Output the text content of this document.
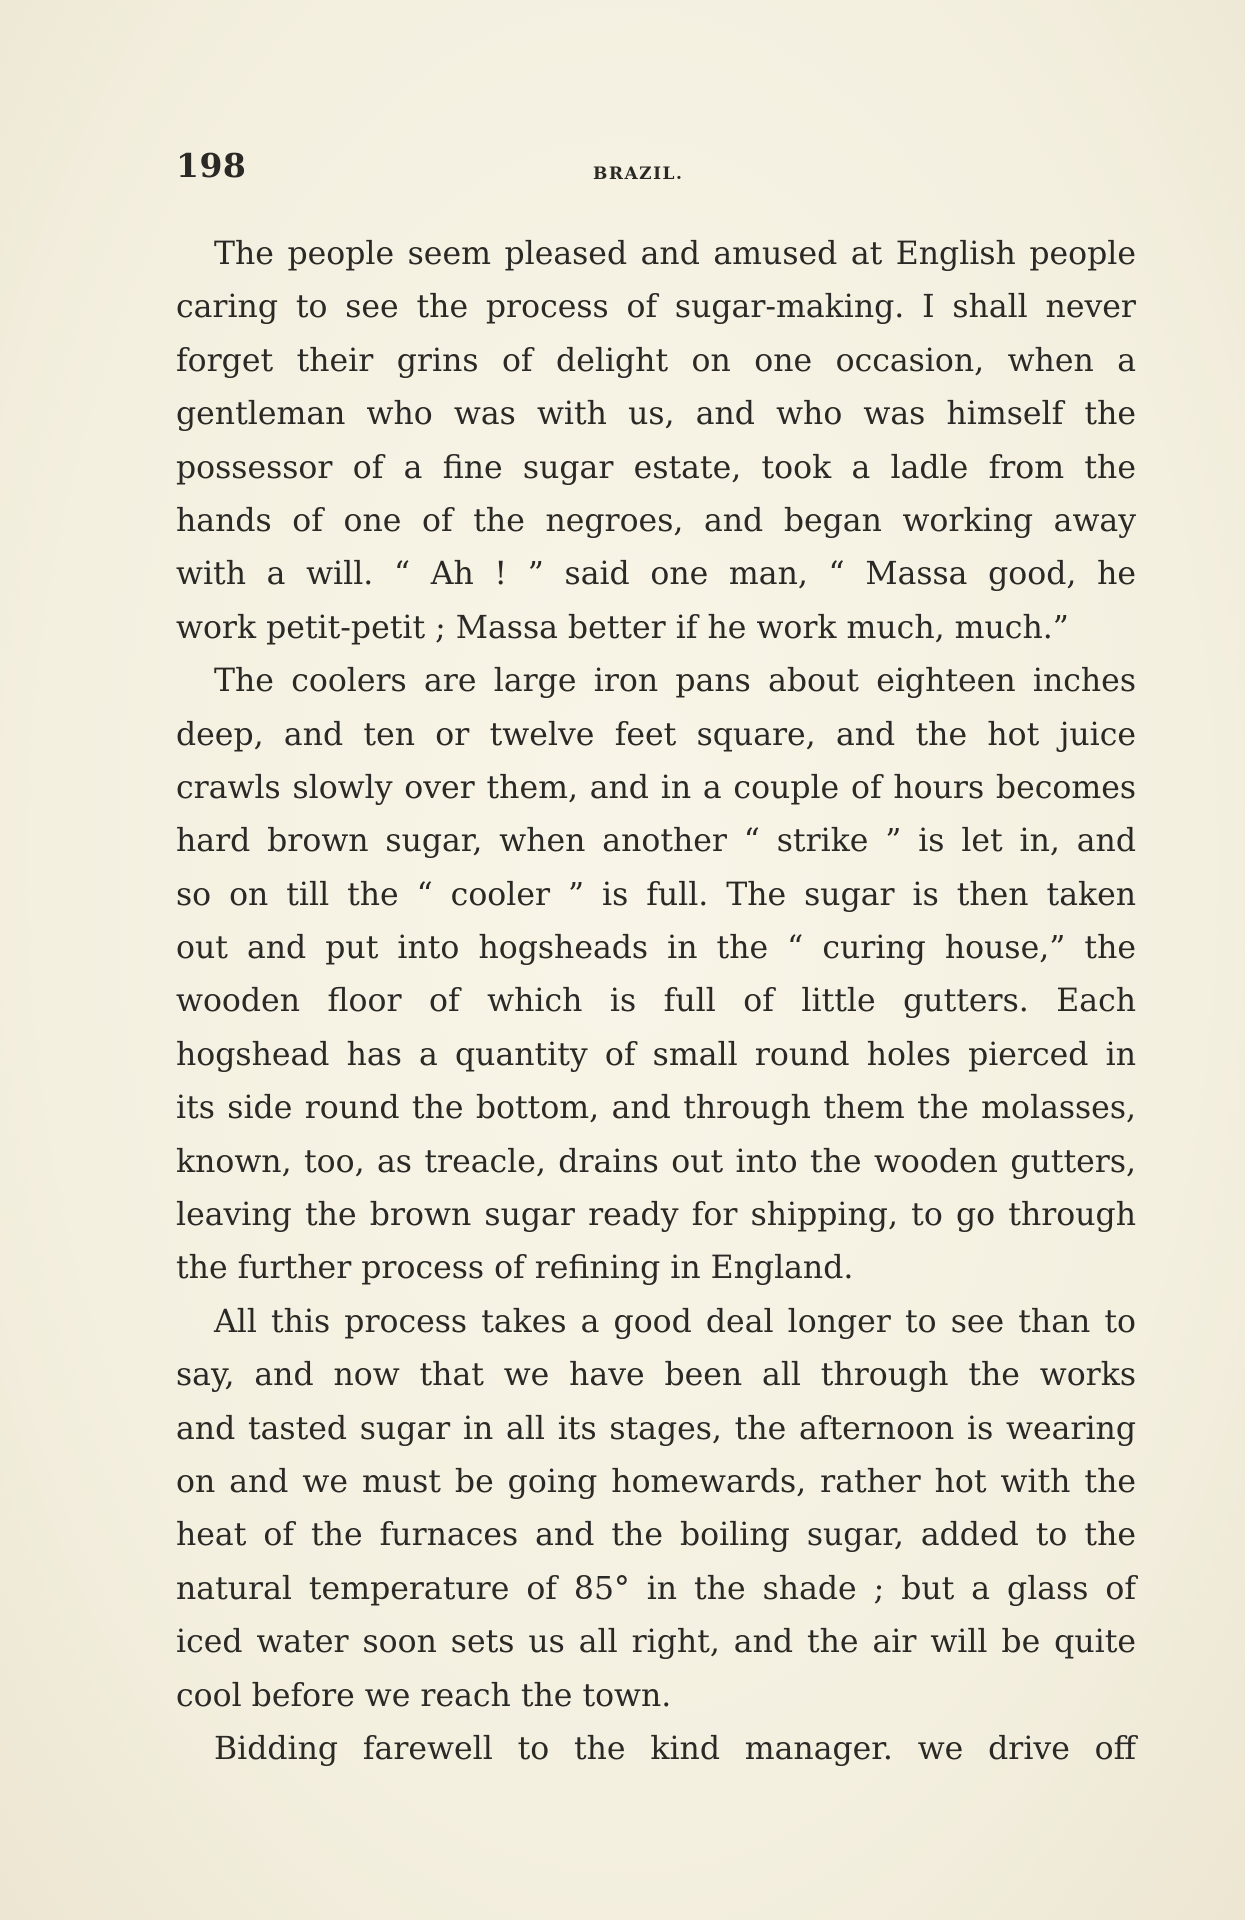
198	BRAZIL.
The people seem pleased and amused at English people
caring to see the process of sugar-making. I shall never
forget their grins of delight on one occasion, when a
gentleman who was with us, and who was himself the
possessor of a fine sugar estate, took a ladle from the
hands of one of the negroes, and began working away
with a will. “ Ah ! ” said one man, “ Massa good, he
work petit-petit ; Massa better if he work much, much.”
The coolers are large iron pans about eighteen inches
deep, and ten or twelve feet square, and the hot juice
crawls slowly over them, and in a couple of hours becomes
hard brown sugar, when another “ strike ” is let in, and
so on till the “ cooler ” is full. The sugar is then taken
out and put into hogsheads in the “ curing house,” the
wooden floor of which is full of little gutters. Each
hogshead has a quantity of small round holes pierced in
its side round the bottom, and through them the molasses,
known, too, as treacle, drains out into the wooden gutters,
leaving the brown sugar ready for shipping, to go through
the further process of refining in England.
All this process takes a good deal longer to see than to
say, and now that we have been all through the works
and tasted sugar in all its stages, the afternoon is wearing
on and we must be going homewards, rather hot with the
heat of the furnaces and the boiling sugar, added to the
natural temperature of 85° in the shade ; but a glass of
iced water soon sets us all right, and the air will be quite
cool before we reach the town.
Bidding farewell to the kind manager. we drive off
